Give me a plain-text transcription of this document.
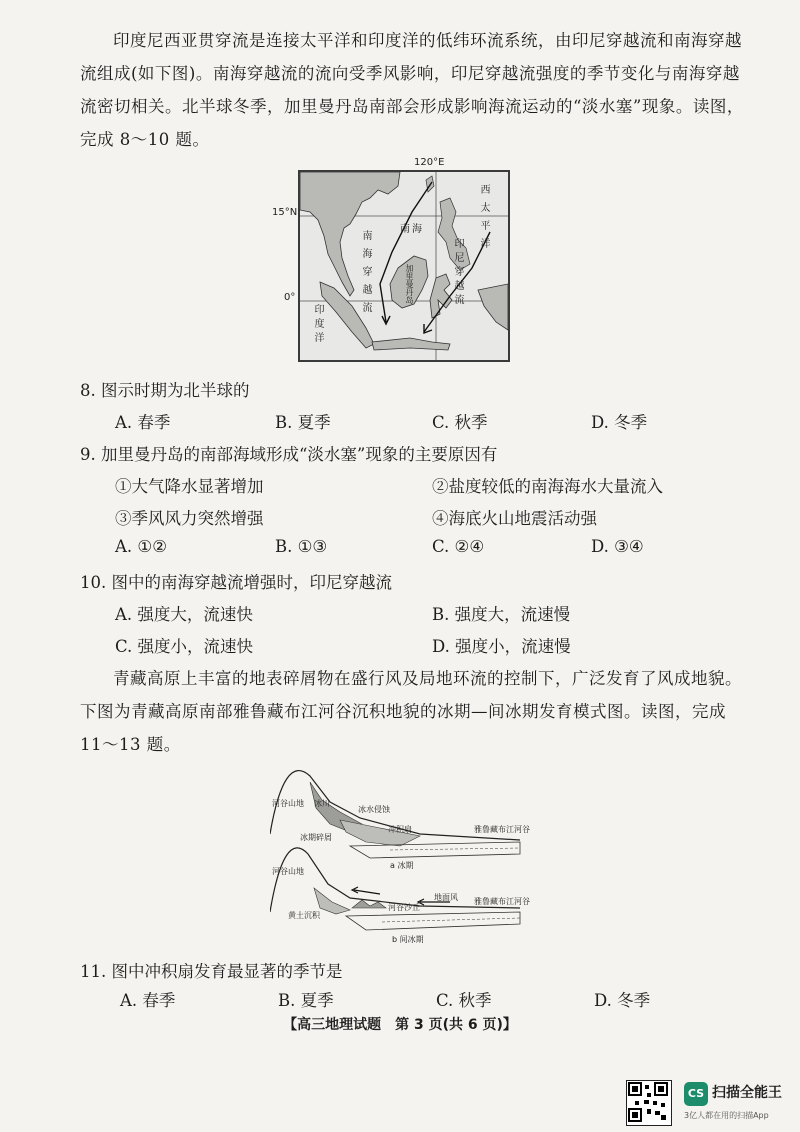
印度尼西亚贯穿流是连接太平洋和印度洋的低纬环流系统，由印尼穿越流和南海穿越
流组成(如下图)。南海穿越流的流向受季风影响，印尼穿越流强度的季节变化与南海穿越
流密切相关。北半球冬季，加里曼丹岛南部会形成影响海流运动的“淡水塞”现象。读图，
完成 8～10 题。
120°E
西太平洋
南海
南海穿越流	印尼穿越流
印度洋
加里曼丹岛
15°N
0°
8. 图示时期为北半球的
A. 春季	B. 夏季	C. 秋季	D. 冬季
9. 加里曼丹岛的南部海域形成“淡水塞”现象的主要原因有
①大气降水显著增加	②盐度较低的南海海水大量流入
③季风风力突然增强	④海底火山地震活动强
A. ①②	B. ①③	C. ②④	D. ③④
10. 图中的南海穿越流增强时，印尼穿越流
A. 强度大，流速快	B. 强度大，流速慢
C. 强度小，流速快	D. 强度小，流速慢
青藏高原上丰富的地表碎屑物在盛行风及局地环流的控制下，广泛发育了风成地貌。
下图为青藏高原南部雅鲁藏布江河谷沉积地貌的冰期—间冰期发育模式图。读图，完成
11～13 题。
河谷山地 冰川
冰水侵蚀
冰期碎屑
冲积扇	雅鲁藏布江河谷
a 冰期
河谷山地
黄土沉积
河谷沙丘
地面风 雅鲁藏布江河谷
b 间冰期
11. 图中冲积扇发育最显著的季节是
A. 春季	B. 夏季	C. 秋季	D. 冬季
【高三地理试题　第 3 页(共 6 页)】
CS 扫描全能王
3亿人都在用的扫描App
